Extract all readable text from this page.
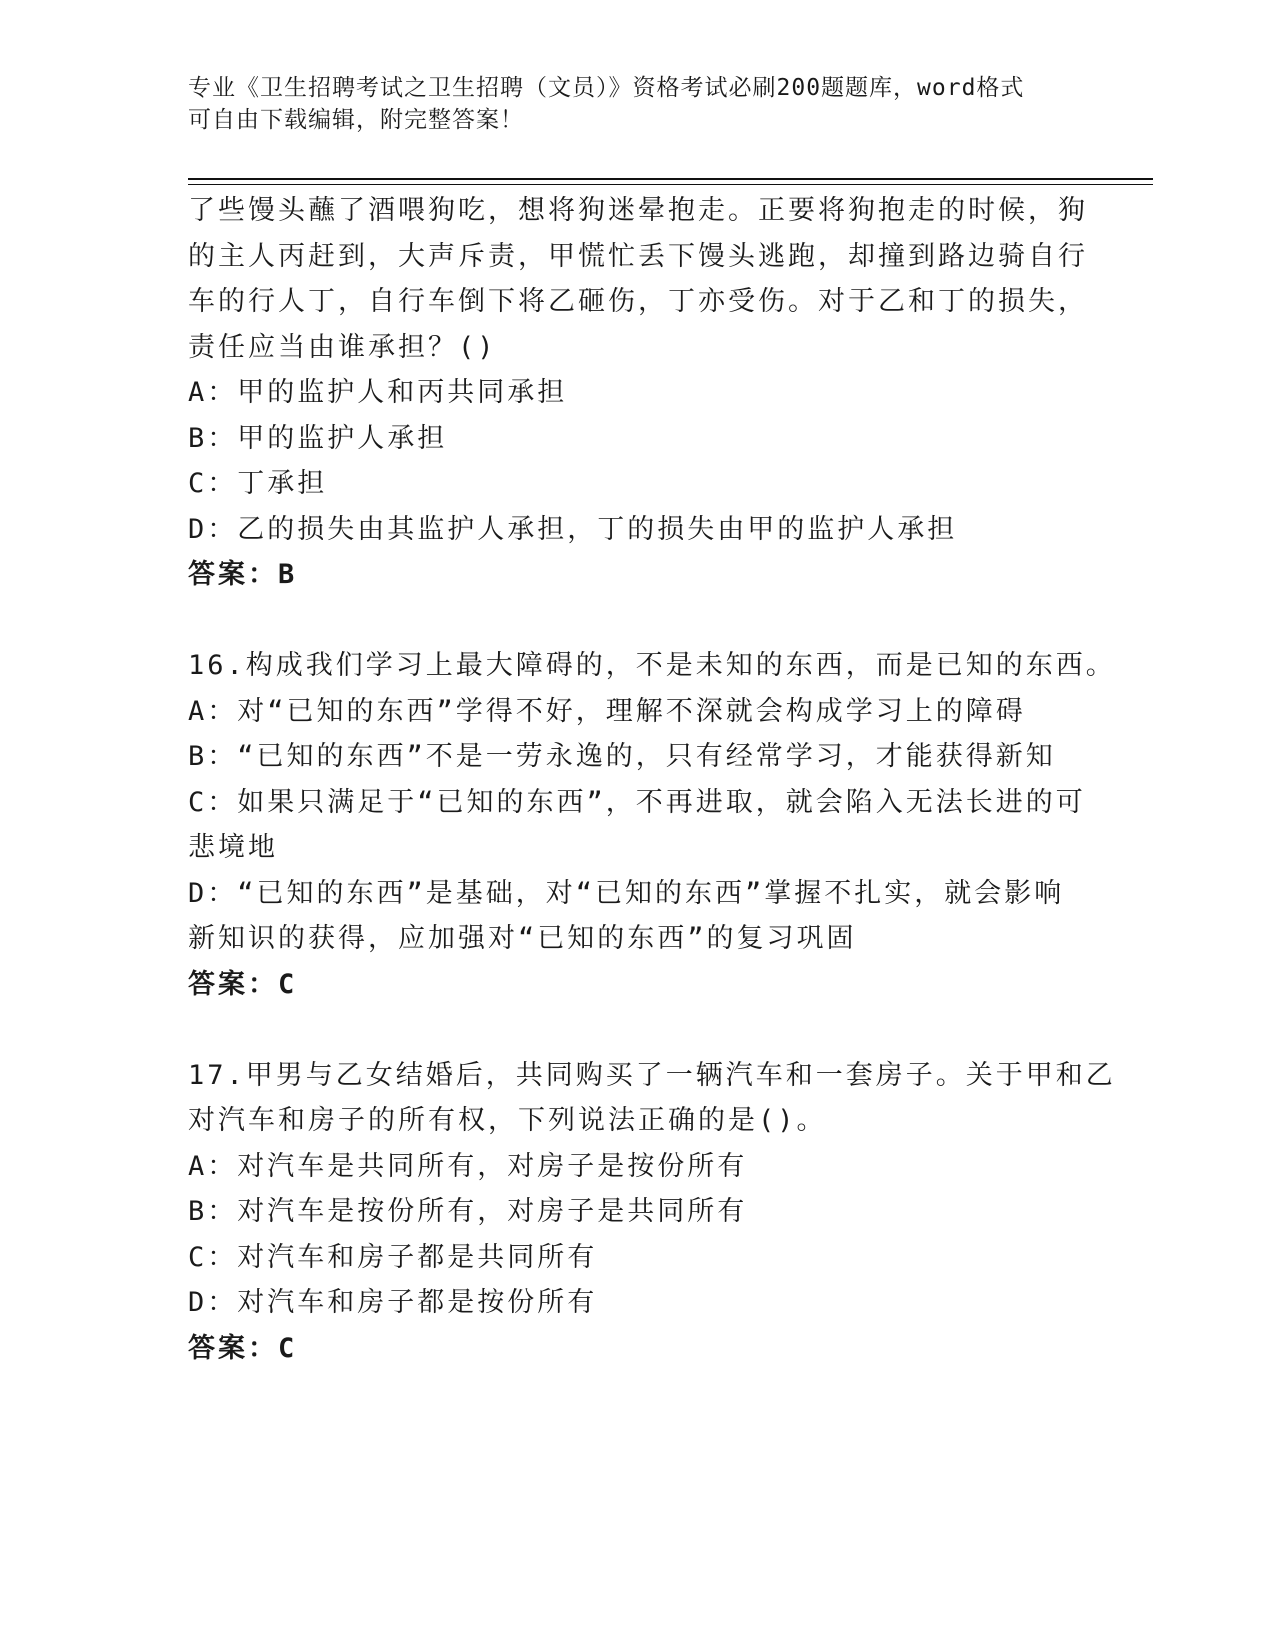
专业《卫生招聘考试之卫生招聘（文员）》资格考试必刷200题题库，word格式
可自由下载编辑，附完整答案！
了些馒头蘸了酒喂狗吃，想将狗迷晕抱走。正要将狗抱走的时候，狗
的主人丙赶到，大声斥责，甲慌忙丢下馒头逃跑，却撞到路边骑自行
车的行人丁，自行车倒下将乙砸伤，丁亦受伤。对于乙和丁的损失，
责任应当由谁承担？()
A：甲的监护人和丙共同承担
B：甲的监护人承担
C：丁承担
D：乙的损失由其监护人承担，丁的损失由甲的监护人承担
答案：B
16.构成我们学习上最大障碍的，不是未知的东西，而是已知的东西。
A：对“已知的东西”学得不好，理解不深就会构成学习上的障碍
B：“已知的东西”不是一劳永逸的，只有经常学习，才能获得新知
C：如果只满足于“已知的东西”，不再进取，就会陷入无法长进的可
悲境地
D：“已知的东西”是基础，对“已知的东西”掌握不扎实，就会影响
新知识的获得，应加强对“已知的东西”的复习巩固
答案：C
17.甲男与乙女结婚后，共同购买了一辆汽车和一套房子。关于甲和乙
对汽车和房子的所有权，下列说法正确的是()。
A：对汽车是共同所有，对房子是按份所有
B：对汽车是按份所有，对房子是共同所有
C：对汽车和房子都是共同所有
D：对汽车和房子都是按份所有
答案：C
